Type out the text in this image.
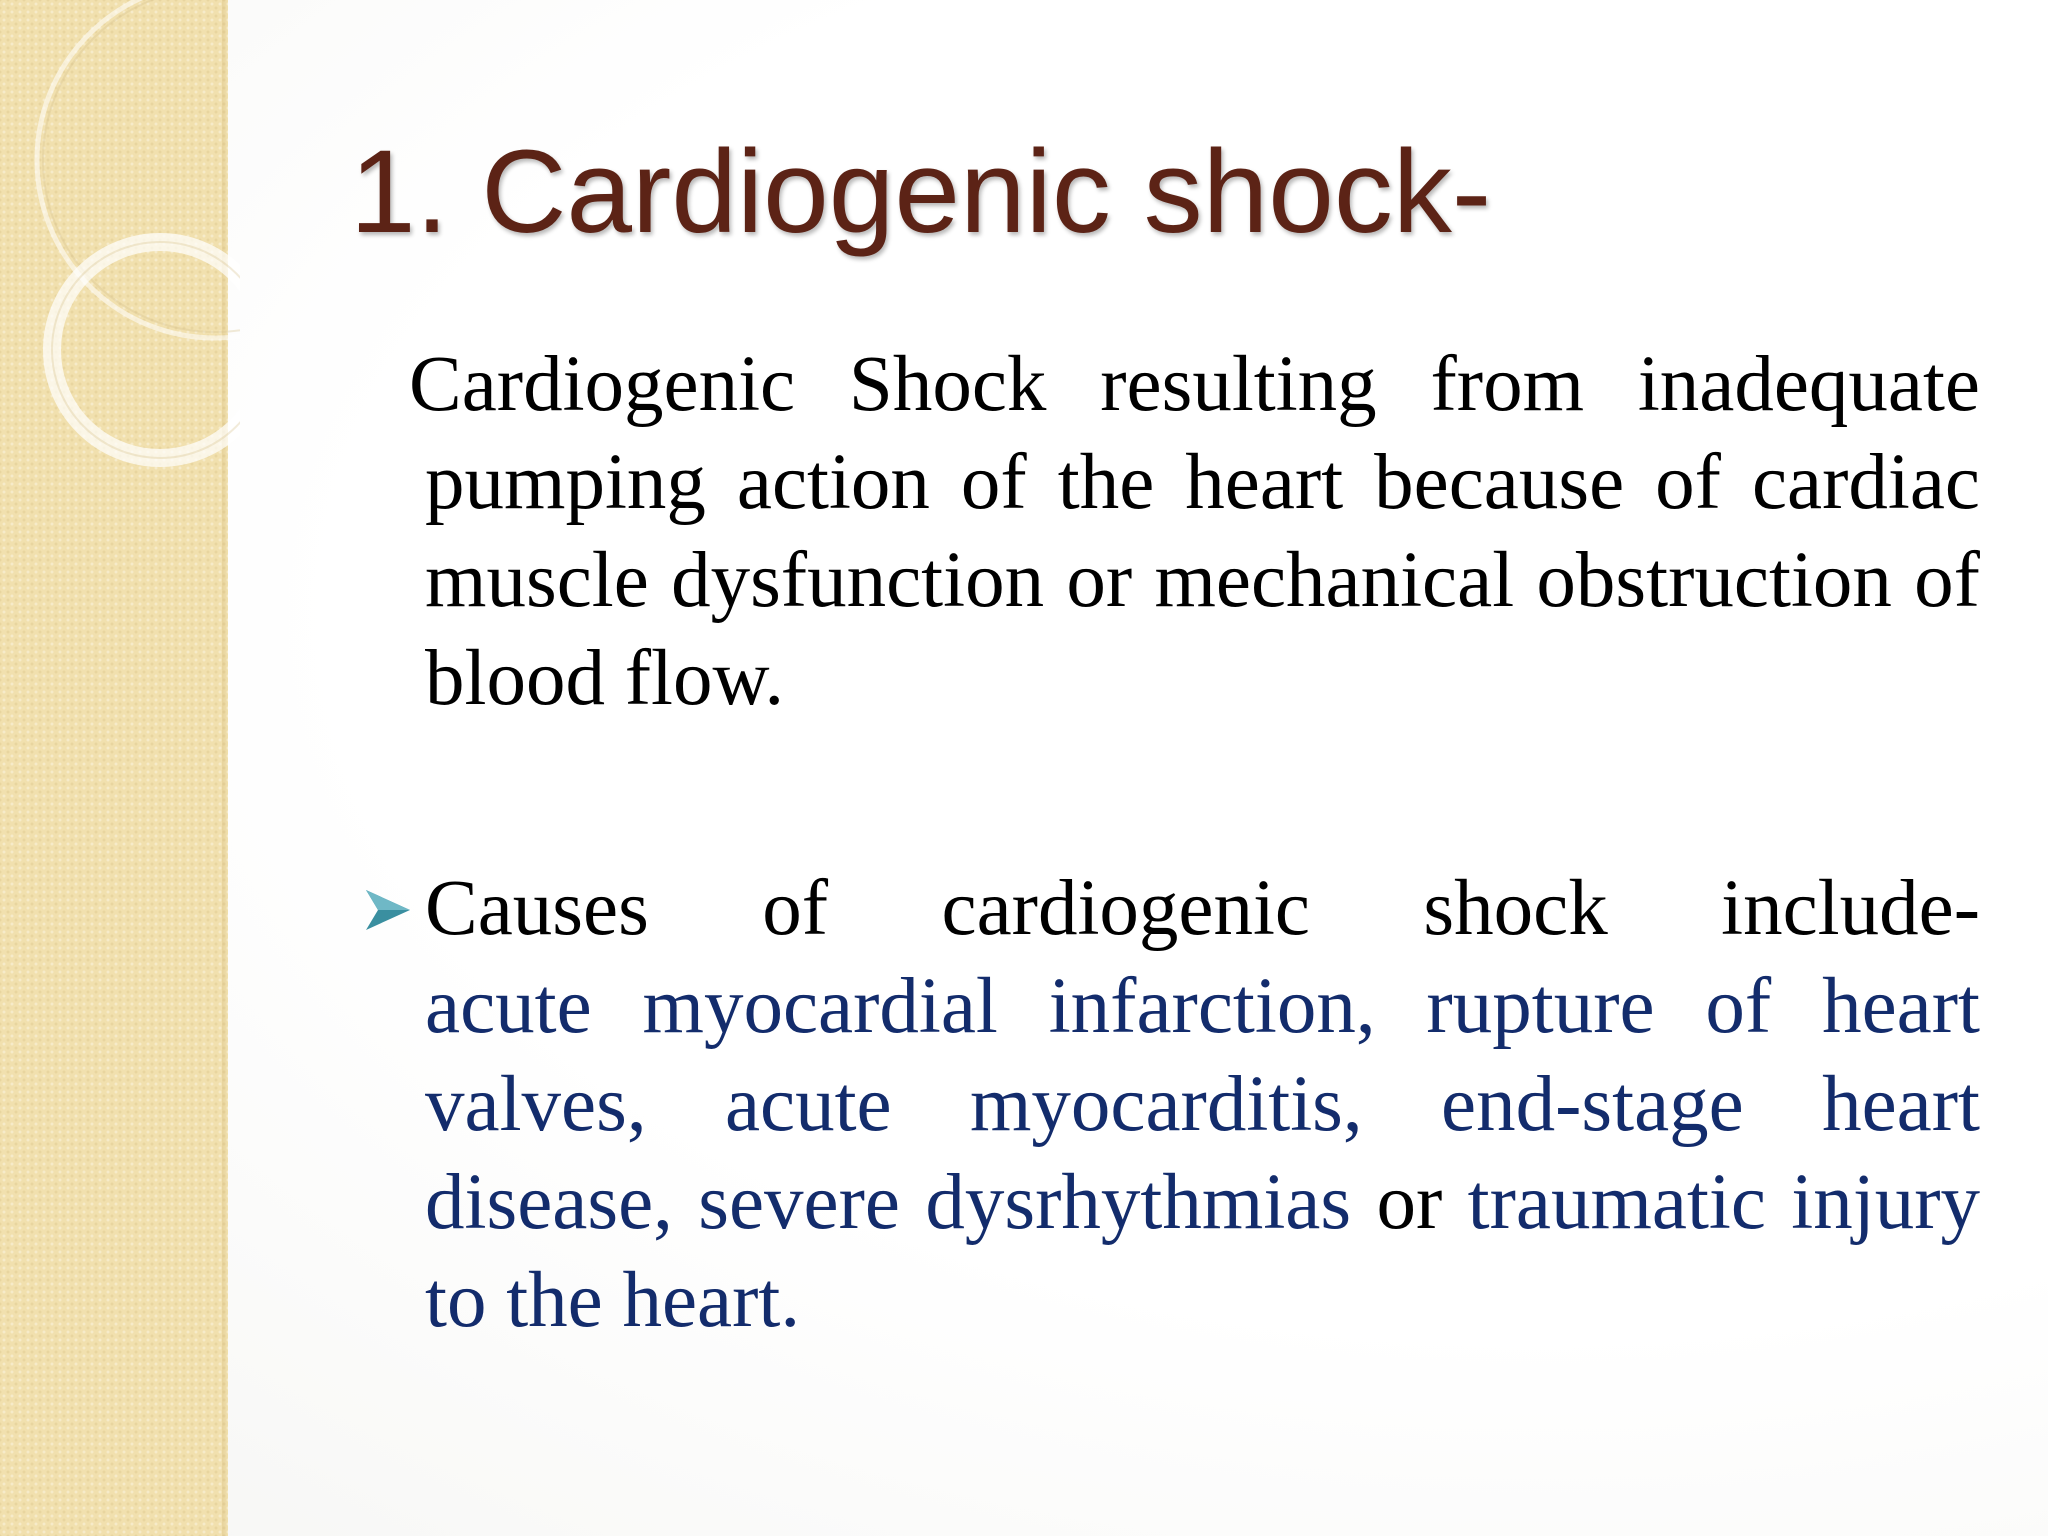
1. Cardiogenic shock-

Cardiogenic Shock resulting from inadequate pumping action of the heart because of cardiac muscle dysfunction or mechanical obstruction of blood flow.

Causes of cardiogenic shock include-acute myocardial infarction, rupture of heart valves, acute myocarditis, end-stage heart disease, severe dysrhythmias or traumatic injury to the heart.
